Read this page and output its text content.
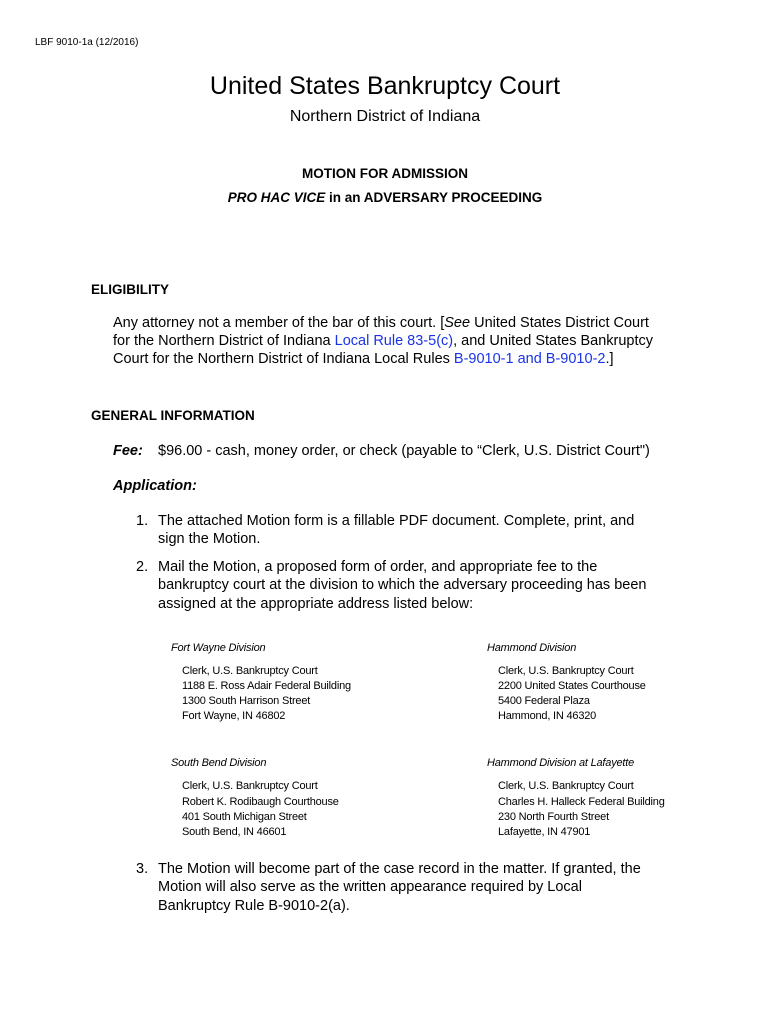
LBF 9010-1a (12/2016)
United States Bankruptcy Court
Northern District of Indiana
MOTION FOR ADMISSION
PRO HAC VICE in an ADVERSARY PROCEEDING
ELIGIBILITY
Any attorney not a member of the bar of this court. [See United States District Court
for the Northern District of Indiana Local Rule 83-5(c), and United States Bankruptcy
Court for the Northern District of Indiana Local Rules B-9010-1 and B-9010-2.]
GENERAL INFORMATION
Fee: $96.00 - cash, money order, or check (payable to “Clerk, U.S. District Court")
Application:
1. The attached Motion form is a fillable PDF document. Complete, print, and
sign the Motion.
2. Mail the Motion, a proposed form of order, and appropriate fee to the
bankruptcy court at the division to which the adversary proceeding has been
assigned at the appropriate address listed below:
Fort Wayne Division
Clerk, U.S. Bankruptcy Court
1188 E. Ross Adair Federal Building
1300 South Harrison Street
Fort Wayne, IN 46802
Hammond Division
Clerk, U.S. Bankruptcy Court
2200 United States Courthouse
5400 Federal Plaza
Hammond, IN 46320
South Bend Division
Clerk, U.S. Bankruptcy Court
Robert K. Rodibaugh Courthouse
401 South Michigan Street
South Bend, IN 46601
Hammond Division at Lafayette
Clerk, U.S. Bankruptcy Court
Charles H. Halleck Federal Building
230 North Fourth Street
Lafayette, IN 47901
3. The Motion will become part of the case record in the matter. If granted, the
Motion will also serve as the written appearance required by Local
Bankruptcy Rule B-9010-2(a).
